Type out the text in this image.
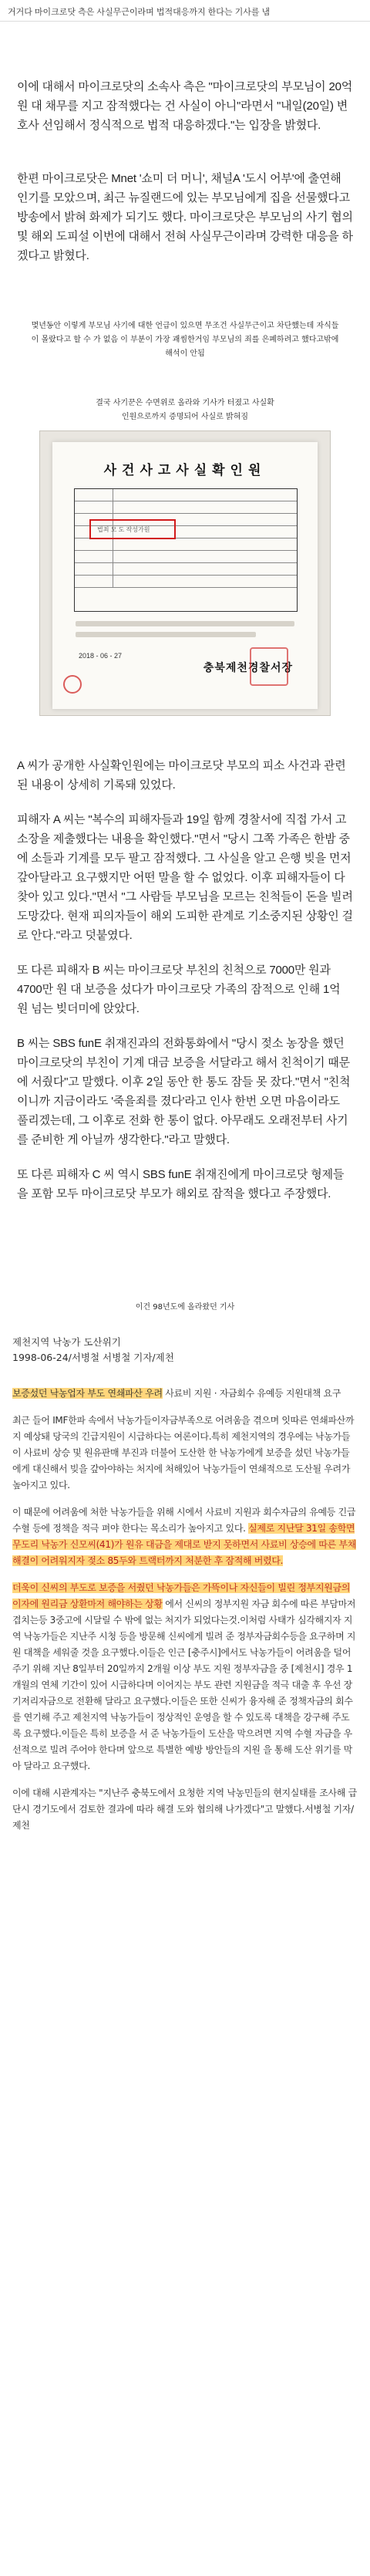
거거다 마이크로닷 측은 사실무근이라며 법적대응까지 한다는 기사를 냄

이에 대해서 마이크로닷의 소속사 측은 "마이크로닷의 부모님이 20억 원 대 채무를 지고 잠적했다는 건 사실이 아니"라면서 "내일(20일) 변호사 선임해서 정식적으로 법적 대응하겠다."는 입장을 밝혔다.

한편 마이크로닷은 Mnet '쇼미 더 머니', 채널A '도시 어부'에 출연해 인기를 모았으며, 최근 뉴질랜드에 있는 부모님에게 집을 선물했다고 방송에서 밝혀 화제가 되기도 했다. 마이크로닷은 부모님의 사기 협의 및 해외 도피설 이번에 대해서 전혀 사실무근이라며 강력한 대응을 하겠다고 밝혔다.

몇년동안 이렇게 부모님 사기에 대한 언급이 있으면 무조건 사실무근이고 차단했는데 자식들이 몰랐다고 할 수 가 없음 이 부분이 가장 괘씸한거임 부모님의 죄를 은폐하려고 했다고밖에 해석이 안됨

결국 사기꾼은 수면위로 올라와 기사가 터졌고 사실확인원으로까지 증명되어 사실로 밝혀짐

사건사고사실확인원
법죄 모 도 작성가원
2018 - 06 - 27
충북제천경찰서장

A 씨가 공개한 사실확인원에는 마이크로닷 부모의 피소 사건과 관련된 내용이 상세히 기록돼 있었다.

피해자 A 씨는 "복수의 피해자들과 19일 함께 경찰서에 직접 가서 고소장을 제출했다는 내용을 확인했다."면서 "당시 그쪽 가족은 한밤 중에 소들과 기계를 모두 팔고 잠적했다. 그 사실을 알고 은행 빚을 먼저 갚아달라고 요구했지만 어떤 말을 할 수 없었다. 이후 피해자들이 다 찾아 있고 있다."면서 "그 사람들 부모님을 모르는 친척들이 돈을 빌려 도망갔다. 현재 피의자들이 해외 도피한 관계로 기소중지된 상황인 걸로 안다."라고 덧붙였다.

또 다른 피해자 B 씨는 마이크로닷 부친의 친척으로 7000만 원과 4700만 원 대 보증을 섰다가 마이크로닷 가족의 잠적으로 인해 1억 원 넘는 빚더미에 앉았다.

B 씨는 SBS funE 취재진과의 전화통화에서 "당시 젖소 농장을 했던 마이크로닷의 부친이 기계 대금 보증을 서달라고 해서 친척이기 때문에 서줬다"고 말했다. 이후 2일 동안 한 통도 잠들 못 잤다."면서 "친척이니까 지금이라도 '죽을죄를 졌다'라고 인사 한번 오면 마음이라도 풀리겠는데, 그 이후로 전화 한 통이 없다. 아무래도 오래전부터 사기를 준비한 게 아닐까 생각한다."라고 말했다.

또 다른 피해자 C 씨 역시 SBS funE 취재진에게 마이크로닷 형제들을 포함 모두 마이크로닷 부모가 해외로 잠적을 했다고 주장했다.

이건 98년도에 올라왔던 기사

제천지역 낙농가 도산위기
1998-06-24/서병철 서병철 기자/제천

보증섰던 낙농업자 부도 연쇄파산 우려 사료비 지원 · 자금회수 유예등 지원대책 요구

최근 들어 IMF한파 속에서 낙농가들이자금부족으로 어려움을 겪으며 잇따른 연쇄파산까지 예상돼 당국의 긴급지원이 시급하다는 여론이다.특히 제천지역의 경우에는 낙농가들이 사료비 상승 및 원유판매 부진과 더불어 도산한 한 낙농가에게 보증을 섰던 낙농가들에게 대신해서 빚을 갚아야하는 처지에 처해있어 낙농가들이 연쇄적으로 도산될 우려가 높아지고 있다.

이 때문에 어려움에 처한 낙농가들을 위해 시에서 사료비 지원과 회수자금의 유예등 긴급 수혈 등에 정책을 적극 펴야 한다는 목소리가 높아지고 있다. 실제로 지난달 31일 송학면 무도리 낙농가 신모씨(41)가 원유 대금을 제대로 받지 못하면서 사료비 상승에 따른 부채해결이 어려워지자 젖소 85두와 트랙터까지 처분한 후 잠적해 버렸다.

더욱이 신씨의 부도로 보증을 서줬던 낙농가들은 가뜩이나 자신들이 빌린 정부지원금의 이자에 원리금 상환마저 해야하는 상황 에서 신씨의 정부지원 자금 회수에 따른 부담마저 겹치는등 3중고에 시달릴 수 밖에 없는 처지가 되었다는것.이처럼 사태가 심각해지자 지역 낙농가들은 지난주 시청 등을 방문해 신씨에게 빌려 준 정부자금회수등을 요구하며 지원 대책을 세워줄 것을 요구했다.이들은 인근 [충주시]에서도 낙농가들이 어려움을 덜어주기 위해 지난 8일부터 20일까지 2개월 이상 부도 지원 정부자금을 중 [제천시] 경우 1개월의 연체 기간이 있어 시급하다며 이어지는 부도 관련 지원금을 적극 대출 후 우선 장기저리자금으로 전환해 달라고 요구했다.이들은 또한 신씨가 융자해 준 정책자금의 회수를 연기해 주고 제천지역 낙농가들이 정상적인 운영을 할 수 있도록 대책을 강구해 주도록 요구했다.이들은 특히 보증을 서 준 낙농가들이 도산을 막으려면 지역 수혈 자금을 우선적으로 빌려 주어야 한다며 앞으로 특별한 예방 방안들의 지원 을 통해 도산 위기를 막아 달라고 요구했다.

이에 대해 시관계자는 "지난주 충북도에서 요청한 지역 낙농민들의 현지실태를 조사해 급단시 경기도에서 검토한 결과에 따라 해결 도와 협의해 나가겠다"고 말했다.서병철 기자/제천
